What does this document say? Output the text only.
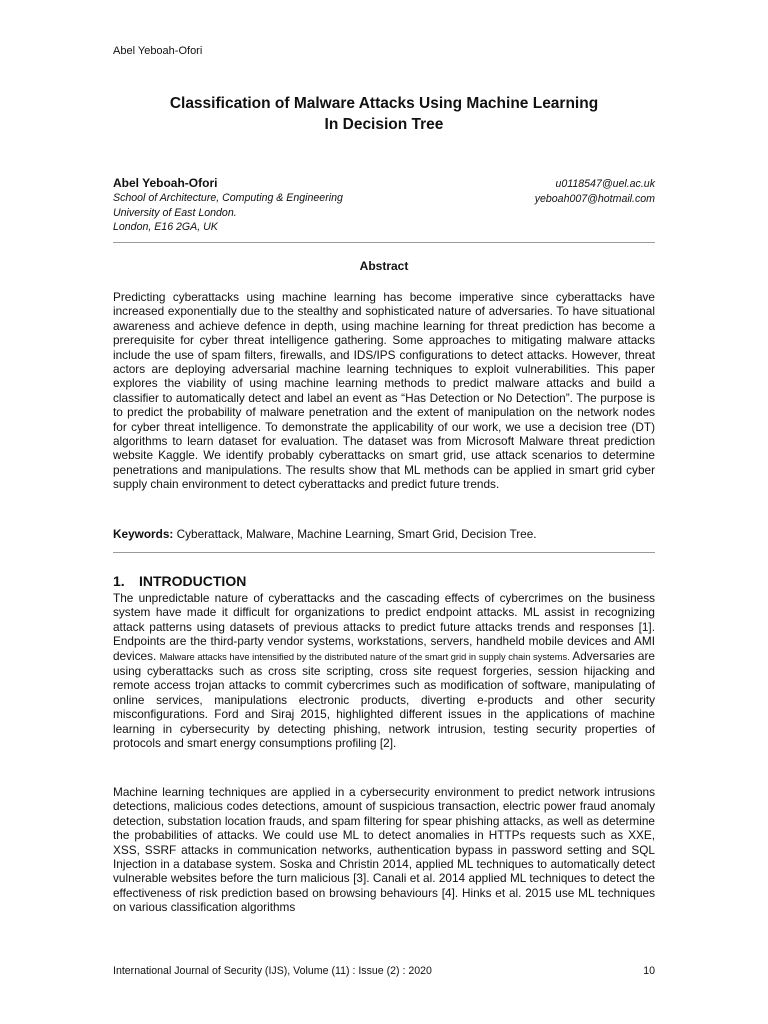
Abel Yeboah-Ofori
Classification of Malware Attacks Using Machine Learning
In Decision Tree
Abel Yeboah-Ofori
School of Architecture, Computing & Engineering
University of East London.
London, E16 2GA, UK
u0118547@uel.ac.uk
yeboah007@hotmail.com
Abstract

Predicting cyberattacks using machine learning has become imperative since cyberattacks have increased exponentially due to the stealthy and sophisticated nature of adversaries. To have situational awareness and achieve defence in depth, using machine learning for threat prediction has become a prerequisite for cyber threat intelligence gathering. Some approaches to mitigating malware attacks include the use of spam filters, firewalls, and IDS/IPS configurations to detect attacks. However, threat actors are deploying adversarial machine learning techniques to exploit vulnerabilities. This paper explores the viability of using machine learning methods to predict malware attacks and build a classifier to automatically detect and label an event as “Has Detection or No Detection”. The purpose is to predict the probability of malware penetration and the extent of manipulation on the network nodes for cyber threat intelligence. To demonstrate the applicability of our work, we use a decision tree (DT) algorithms to learn dataset for evaluation. The dataset was from Microsoft Malware threat prediction website Kaggle. We identify probably cyberattacks on smart grid, use attack scenarios to determine penetrations and manipulations. The results show that ML methods can be applied in smart grid cyber supply chain environment to detect cyberattacks and predict future trends.

Keywords: Cyberattack, Malware, Machine Learning, Smart Grid, Decision Tree.

1. INTRODUCTION

The unpredictable nature of cyberattacks and the cascading effects of cybercrimes on the business system have made it difficult for organizations to predict endpoint attacks. ML assist in recognizing attack patterns using datasets of previous attacks to predict future attacks trends and responses [1]. Endpoints are the third-party vendor systems, workstations, servers, handheld mobile devices and AMI devices. Malware attacks have intensified by the distributed nature of the smart grid in supply chain systems. Adversaries are using cyberattacks such as cross site scripting, cross site request forgeries, session hijacking and remote access trojan attacks to commit cybercrimes such as modification of software, manipulating of online services, manipulations electronic products, diverting e-products and other security misconfigurations. Ford and Siraj 2015, highlighted different issues in the applications of machine learning in cybersecurity by detecting phishing, network intrusion, testing security properties of protocols and smart energy consumptions profiling [2].

Machine learning techniques are applied in a cybersecurity environment to predict network intrusions detections, malicious codes detections, amount of suspicious transaction, electric power fraud anomaly detection, substation location frauds, and spam filtering for spear phishing attacks, as well as determine the probabilities of attacks. We could use ML to detect anomalies in HTTPs requests such as XXE, XSS, SSRF attacks in communication networks, authentication bypass in password setting and SQL Injection in a database system. Soska and Christin 2014, applied ML techniques to automatically detect vulnerable websites before the turn malicious [3]. Canali et al. 2014 applied ML techniques to detect the effectiveness of risk prediction based on browsing behaviours [4]. Hinks et al. 2015 use ML techniques on various classification algorithms

International Journal of Security (IJS), Volume (11) : Issue (2) : 2020	10
